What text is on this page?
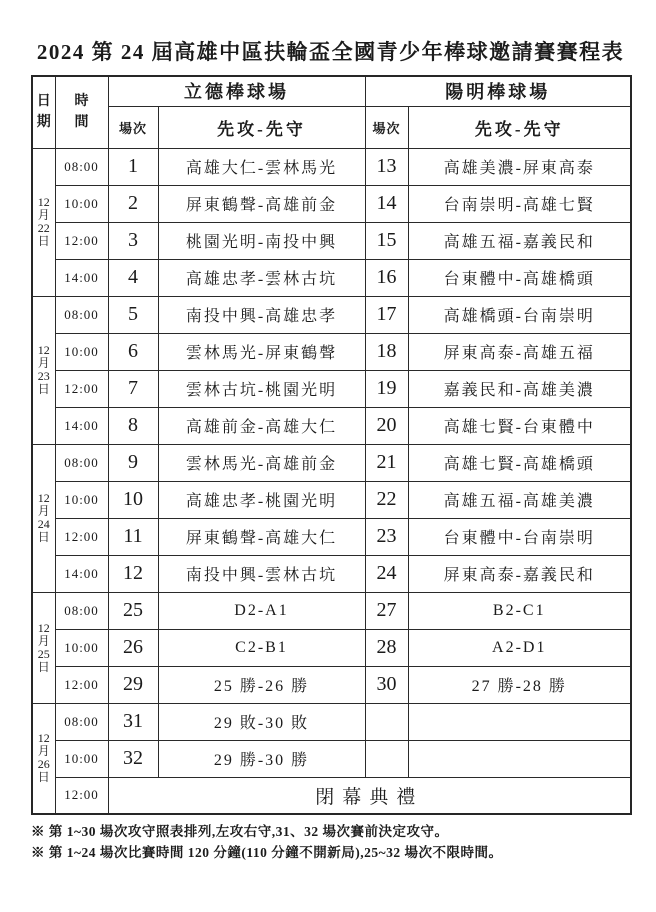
2024 第 24 屆高雄中區扶輪盃全國青少年棒球邀請賽賽程表
日期	時間	立德棒球場		陽明棒球場	
		場次	先攻-先守	場次	先攻-先守

12
月
22
日	08:00	1	高雄大仁-雲林馬光	13	高雄美濃-屏東高泰
	10:00	2	屏東鶴聲-高雄前金	14	台南崇明-高雄七賢
	12:00	3	桃園光明-南投中興	15	高雄五福-嘉義民和
	14:00	4	高雄忠孝-雲林古坑	16	台東體中-高雄橋頭

12
月
23
日	08:00	5	南投中興-高雄忠孝	17	高雄橋頭-台南崇明
	10:00	6	雲林馬光-屏東鶴聲	18	屏東高泰-高雄五福
	12:00	7	雲林古坑-桃園光明	19	嘉義民和-高雄美濃
	14:00	8	高雄前金-高雄大仁	20	高雄七賢-台東體中

12
月
24
日	08:00	9	雲林馬光-高雄前金	21	高雄七賢-高雄橋頭
	10:00	10	高雄忠孝-桃園光明	22	高雄五福-高雄美濃
	12:00	11	屏東鶴聲-高雄大仁	23	台東體中-台南崇明
	14:00	12	南投中興-雲林古坑	24	屏東高泰-嘉義民和

12
月
25
日	08:00	25	D2-A1	27	B2-C1
	10:00	26	C2-B1	28	A2-D1
	12:00	29	25 勝-26 勝	30	27 勝-28 勝

12
月
26
日	08:00	31	29 敗-30 敗		
	10:00	32	29 勝-30 勝		
	12:00	閉幕典禮			
※ 第 1~30 場次攻守照表排列,左攻右守,31、32 場次賽前決定攻守。
※ 第 1~24 場次比賽時間 120 分鐘(110 分鐘不開新局),25~32 場次不限時間。
